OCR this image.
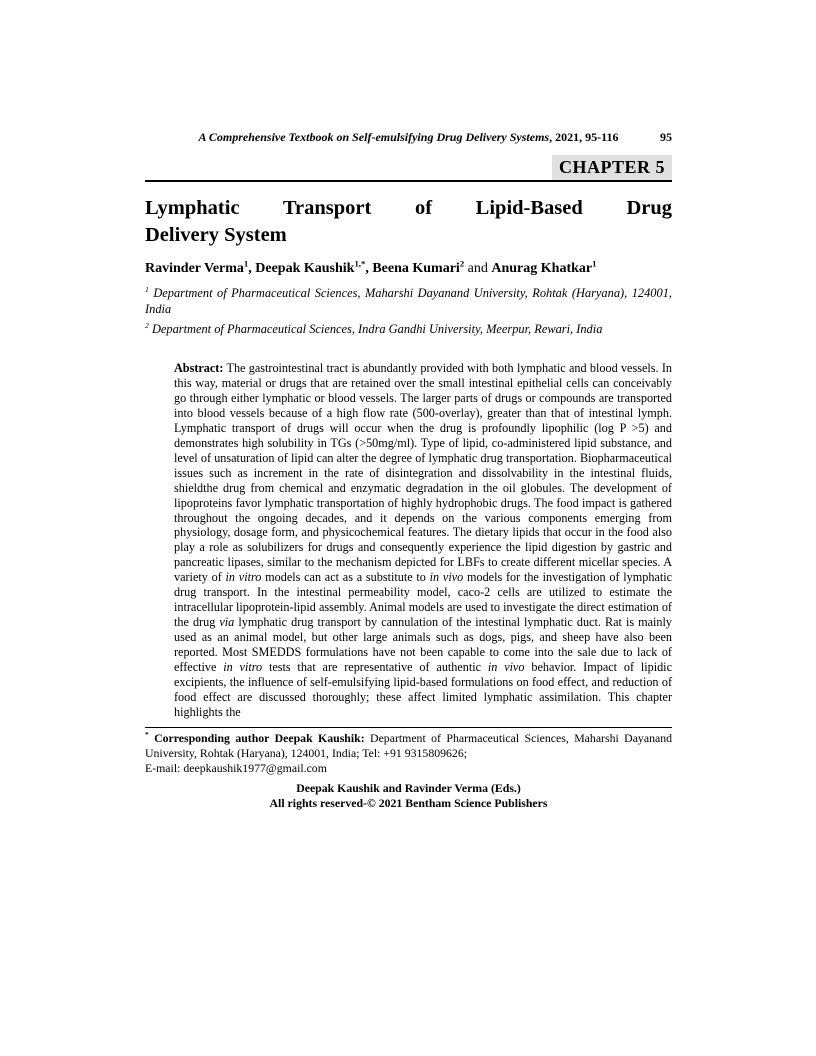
A Comprehensive Textbook on Self-emulsifying Drug Delivery Systems, 2021, 95-116	95
CHAPTER 5
Lymphatic Transport of Lipid-Based Drug
Delivery System
Ravinder Verma$^1$, Deepak Kaushik$^{1,*}$, Beena Kumari$^2$ and Anurag Khatkar$^1$
$^1$ Department of Pharmaceutical Sciences, Maharshi Dayanand University, Rohtak (Haryana), 124001, India
$^2$ Department of Pharmaceutical Sciences, Indra Gandhi University, Meerpur, Rewari, India
Abstract: The gastrointestinal tract is abundantly provided with both lymphatic and blood vessels. In this way, material or drugs that are retained over the small intestinal epithelial cells can conceivably go through either lymphatic or blood vessels. The larger parts of drugs or compounds are transported into blood vessels because of a high flow rate (500-overlay), greater than that of intestinal lymph. Lymphatic transport of drugs will occur when the drug is profoundly lipophilic (log P >5) and demonstrates high solubility in TGs (>50mg/ml). Type of lipid, co-administered lipid substance, and level of unsaturation of lipid can alter the degree of lymphatic drug transportation. Biopharmaceutical issues such as increment in the rate of disintegration and dissolvability in the intestinal fluids, shieldthe drug from chemical and enzymatic degradation in the oil globules. The development of lipoproteins favor lymphatic transportation of highly hydrophobic drugs. The food impact is gathered throughout the ongoing decades, and it depends on the various components emerging from physiology, dosage form, and physicochemical features. The dietary lipids that occur in the food also play a role as solubilizers for drugs and consequently experience the lipid digestion by gastric and pancreatic lipases, similar to the mechanism depicted for LBFs to create different micellar species. A variety of in vitro models can act as a substitute to in vivo models for the investigation of lymphatic drug transport. In the intestinal permeability model, caco-2 cells are utilized to estimate the intracellular lipoprotein-lipid assembly. Animal models are used to investigate the direct estimation of the drug via lymphatic drug transport by cannulation of the intestinal lymphatic duct. Rat is mainly used as an animal model, but other large animals such as dogs, pigs, and sheep have also been reported. Most SMEDDS formulations have not been capable to come into the sale due to lack of effective in vitro tests that are representative of authentic in vivo behavior. Impact of lipidic excipients, the influence of self-emulsifying lipid-based formulations on food effect, and reduction of food effect are discussed thoroughly; these affect limited lymphatic assimilation. This chapter highlights the
* Corresponding author Deepak Kaushik: Department of Pharmaceutical Sciences, Maharshi Dayanand University, Rohtak (Haryana), 124001, India; Tel: +91 9315809626;
E-mail: deepkaushik1977@gmail.com
Deepak Kaushik and Ravinder Verma (Eds.)
All rights reserved-© 2021 Bentham Science Publishers
